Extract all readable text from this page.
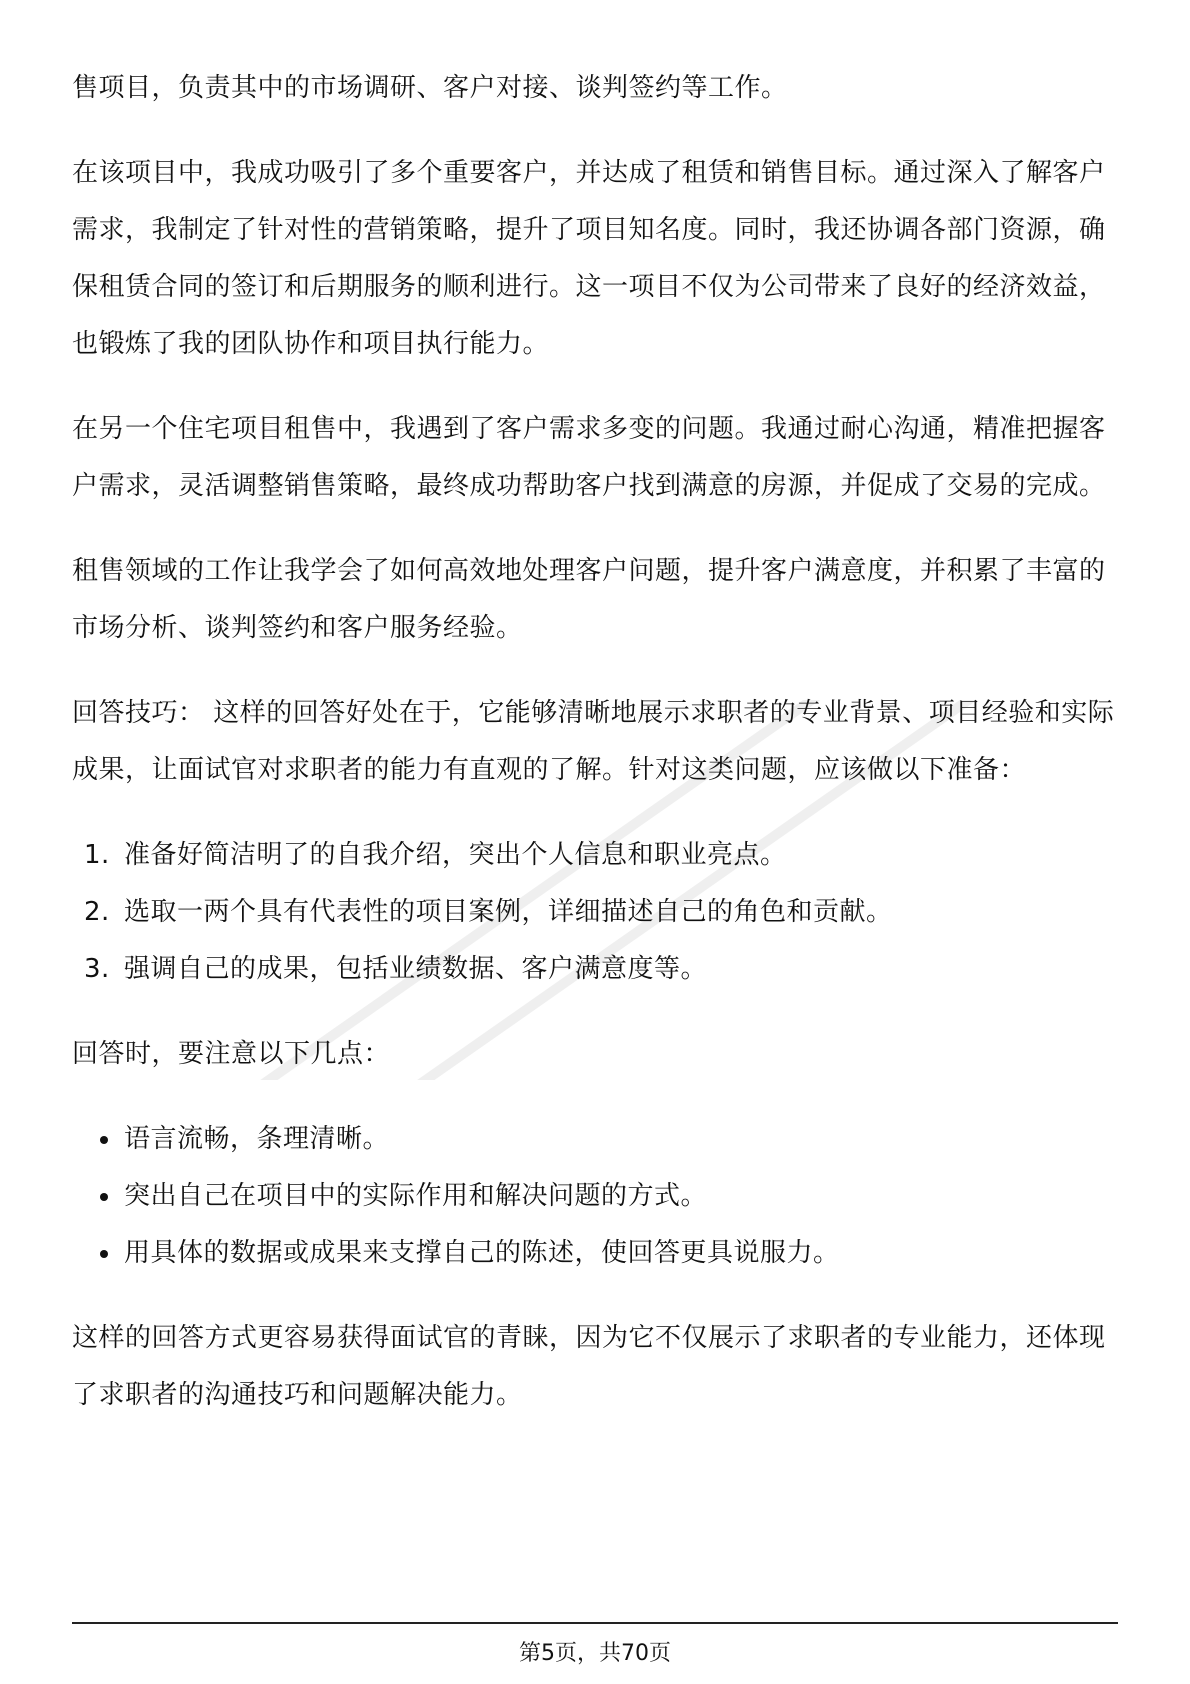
售项目，负责其中的市场调研、客户对接、谈判签约等工作。

在该项目中，我成功吸引了多个重要客户，并达成了租赁和销售目标。通过深入了解客户需求，我制定了针对性的营销策略，提升了项目知名度。同时，我还协调各部门资源，确保租赁合同的签订和后期服务的顺利进行。这一项目不仅为公司带来了良好的经济效益，也锻炼了我的团队协作和项目执行能力。

在另一个住宅项目租售中，我遇到了客户需求多变的问题。我通过耐心沟通，精准把握客户需求，灵活调整销售策略，最终成功帮助客户找到满意的房源，并促成了交易的完成。

租售领域的工作让我学会了如何高效地处理客户问题，提升客户满意度，并积累了丰富的市场分析、谈判签约和客户服务经验。

回答技巧： 这样的回答好处在于，它能够清晰地展示求职者的专业背景、项目经验和实际成果，让面试官对求职者的能力有直观的了解。针对这类问题，应该做以下准备：

1. 准备好简洁明了的自我介绍，突出个人信息和职业亮点。
2. 选取一两个具有代表性的项目案例，详细描述自己的角色和贡献。
3. 强调自己的成果，包括业绩数据、客户满意度等。

回答时，要注意以下几点：

语言流畅，条理清晰。
突出自己在项目中的实际作用和解决问题的方式。
用具体的数据或成果来支撑自己的陈述，使回答更具说服力。

这样的回答方式更容易获得面试官的青睐，因为它不仅展示了求职者的专业能力，还体现了求职者的沟通技巧和问题解决能力。

第5页，共70页
